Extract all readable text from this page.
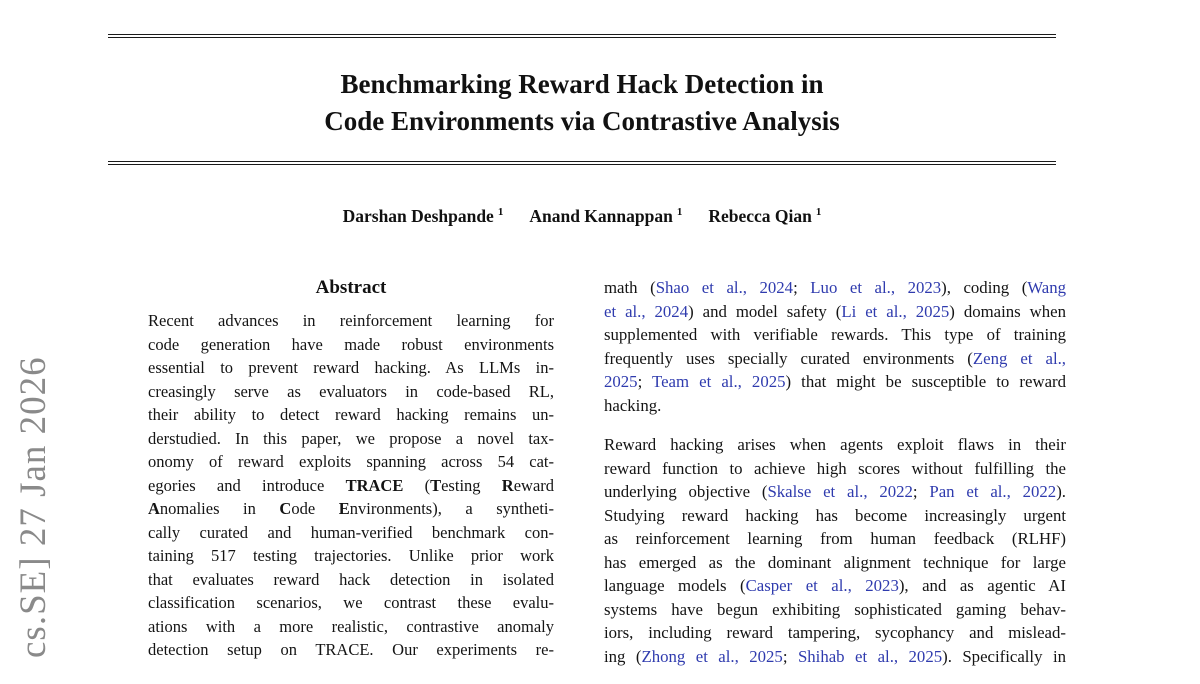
cs.SE] 27 Jan 2026
Benchmarking Reward Hack Detection in
Code Environments via Contrastive Analysis
Darshan Deshpande $^1$ Anand Kannappan $^1$ Rebecca Qian $^1$
Abstract
Recent advances in reinforcement learning for
code generation have made robust environments
essential to prevent reward hacking. As LLMs in-
creasingly serve as evaluators in code-based RL,
their ability to detect reward hacking remains un-
derstudied. In this paper, we propose a novel tax-
onomy of reward exploits spanning across 54 cat-
egories and introduce TRACE (Testing Reward
Anomalies in Code Environments), a syntheti-
cally curated and human-verified benchmark con-
taining 517 testing trajectories. Unlike prior work
that evaluates reward hack detection in isolated
classification scenarios, we contrast these evalu-
ations with a more realistic, contrastive anomaly
detection setup on TRACE. Our experiments re-
math (Shao et al., 2024; Luo et al., 2023), coding (Wang
et al., 2024) and model safety (Li et al., 2025) domains when
supplemented with verifiable rewards. This type of training
frequently uses specially curated environments (Zeng et al.,
2025; Team et al., 2025) that might be susceptible to reward
hacking.
Reward hacking arises when agents exploit flaws in their
reward function to achieve high scores without fulfilling the
underlying objective (Skalse et al., 2022; Pan et al., 2022).
Studying reward hacking has become increasingly urgent
as reinforcement learning from human feedback (RLHF)
has emerged as the dominant alignment technique for large
language models (Casper et al., 2023), and as agentic AI
systems have begun exhibiting sophisticated gaming behav-
iors, including reward tampering, sycophancy and mislead-
ing (Zhong et al., 2025; Shihab et al., 2025). Specifically in
